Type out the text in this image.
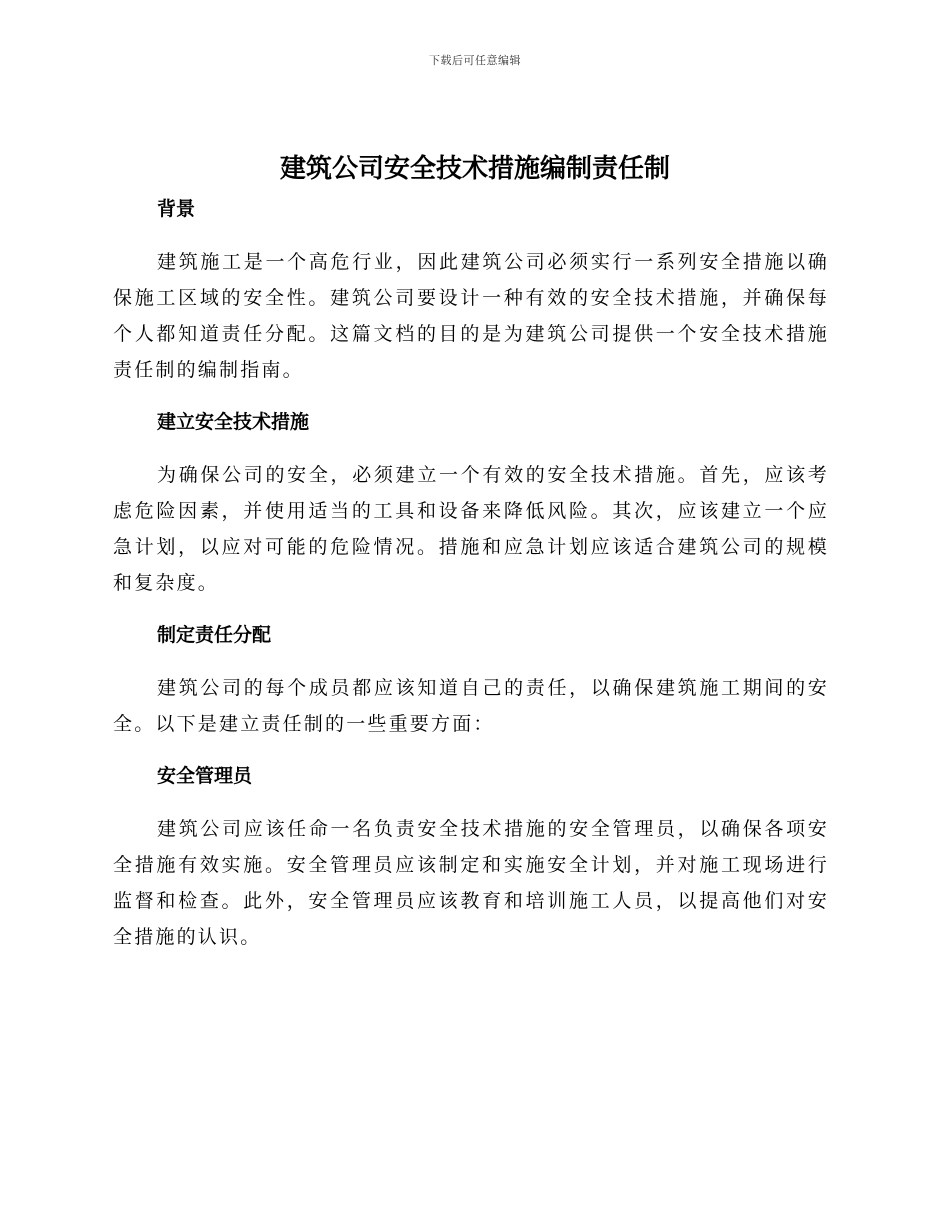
下载后可任意编辑
建筑公司安全技术措施编制责任制
背景

建筑施工是一个高危行业，因此建筑公司必须实行一系列安全措施以确保施工区域的安全性。建筑公司要设计一种有效的安全技术措施，并确保每个人都知道责任分配。这篇文档的目的是为建筑公司提供一个安全技术措施责任制的编制指南。

建立安全技术措施

为确保公司的安全，必须建立一个有效的安全技术措施。首先，应该考虑危险因素，并使用适当的工具和设备来降低风险。其次，应该建立一个应急计划，以应对可能的危险情况。措施和应急计划应该适合建筑公司的规模和复杂度。

制定责任分配

建筑公司的每个成员都应该知道自己的责任，以确保建筑施工期间的安全。以下是建立责任制的一些重要方面：

安全管理员

建筑公司应该任命一名负责安全技术措施的安全管理员，以确保各项安全措施有效实施。安全管理员应该制定和实施安全计划，并对施工现场进行监督和检查。此外，安全管理员应该教育和培训施工人员，以提高他们对安全措施的认识。
